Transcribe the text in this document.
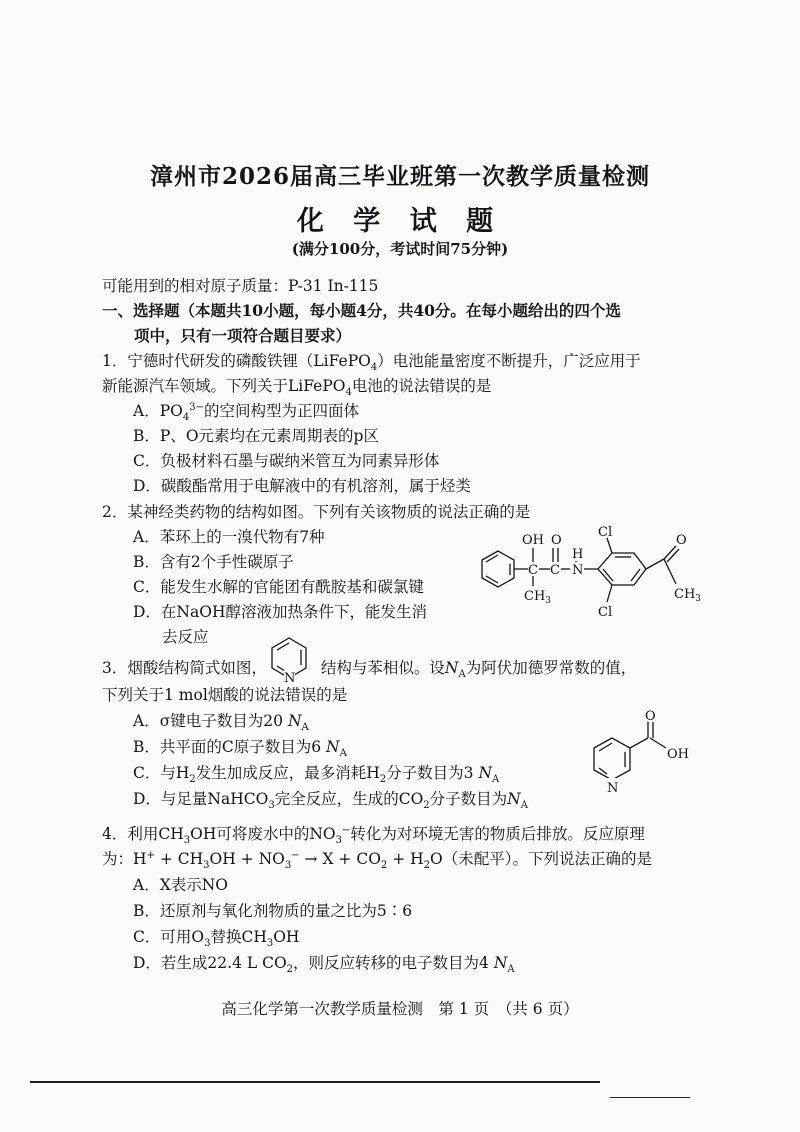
漳州市2026届高三毕业班第一次教学质量检测
化 学 试 题
(满分100分，考试时间75分钟)
可能用到的相对原子质量：P-31 In-115
一、选择题（本题共10小题，每小题4分，共40分。在每小题给出的四个选
项中，只有一项符合题目要求）
1．宁德时代研发的磷酸铁锂（LiFePO$_4$）电池能量密度不断提升，广泛应用于
新能源汽车领域。下列关于LiFePO$_4$电池的说法错误的是
A．$PO_4^{3-}$的空间构型为正四面体
B．P、O元素均在元素周期表的p区
C．负极材料石墨与碳纳米管互为同素异形体
D．碳酸酯常用于电解液中的有机溶剂，属于烃类
2．某神经类药物的结构如图。下列有关该物质的说法正确的是
A．苯环上的一溴代物有7种
B．含有2个手性碳原子
C．能发生水解的官能团有酰胺基和碳氯键
D．在NaOH醇溶液加热条件下，能发生消
去反应
C
OH
$CH_3$
C
O
H
N
Cl
Cl
O
$CH_3$
3．烟酸结构简式如图，	结构与苯相似。设$N_A$为阿伏加德罗常数的值，
N
下列关于1 mol烟酸的说法错误的是
A．σ键电子数目为20 $N_A$
B．共平面的C原子数目为6 $N_A$
C．与$H_2$发生加成反应，最多消耗$H_2$分子数目为3 $N_A$
D．与足量NaHCO$_3$完全反应，生成的$CO_2$分子数目为$N_A$
N
O
OH
4．利用$CH_3OH$可将废水中的$NO_3^-$转化为对环境无害的物质后排放。反应原理
为：$H^+ + CH_3OH + NO_3^- \to X + CO_2 + H_2O$（未配平）。下列说法正确的是
A．X表示NO
B．还原剂与氧化剂物质的量之比为5∶6
C．可用$O_3$替换$CH_3OH$
D．若生成22.4 L $CO_2$，则反应转移的电子数目为4 $N_A$
高三化学第一次教学质量检测　第 1 页　（共 6 页）
